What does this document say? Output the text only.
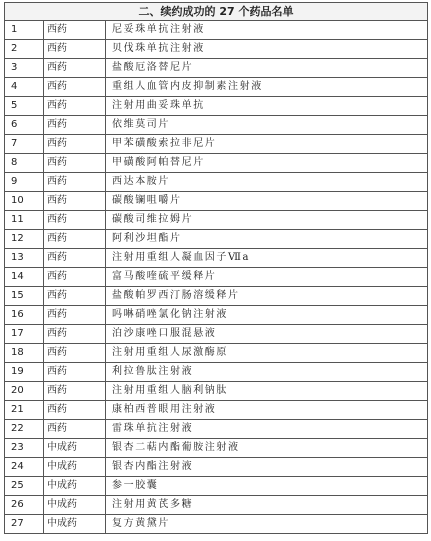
二、续约成功的 27 个药品名单		
1	西药	尼妥珠单抗注射液
2	西药	贝伐珠单抗注射液
3	西药	盐酸厄洛替尼片
4	西药	重组人血管内皮抑制素注射液
5	西药	注射用曲妥珠单抗
6	西药	依维莫司片
7	西药	甲苯磺酸索拉非尼片
8	西药	甲磺酸阿帕替尼片
9	西药	西达本胺片
10	西药	碳酸镧咀嚼片
11	西药	碳酸司维拉姆片
12	西药	阿利沙坦酯片
13	西药	注射用重组人凝血因子Ⅶa
14	西药	富马酸喹硫平缓释片
15	西药	盐酸帕罗西汀肠溶缓释片
16	西药	吗啉硝唑氯化钠注射液
17	西药	泊沙康唑口服混悬液
18	西药	注射用重组人尿激酶原
19	西药	利拉鲁肽注射液
20	西药	注射用重组人脑利钠肽
21	西药	康柏西普眼用注射液
22	西药	雷珠单抗注射液
23	中成药	银杏二萜内酯葡胺注射液
24	中成药	银杏内酯注射液
25	中成药	参一胶囊
26	中成药	注射用黄芪多糖
27	中成药	复方黄黛片
